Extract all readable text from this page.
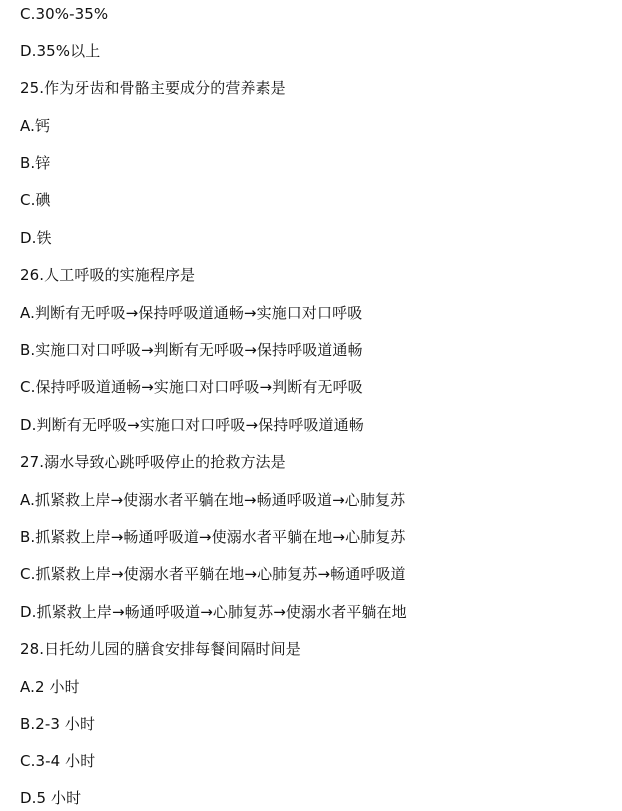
C.30%-35%
D.35%以上
25.作为牙齿和骨骼主要成分的营养素是
A.钙
B.锌
C.碘
D.铁
26.人工呼吸的实施程序是
A.判断有无呼吸→保持呼吸道通畅→实施口对口呼吸
B.实施口对口呼吸→判断有无呼吸→保持呼吸道通畅
C.保持呼吸道通畅→实施口对口呼吸→判断有无呼吸
D.判断有无呼吸→实施口对口呼吸→保持呼吸道通畅
27.溺水导致心跳呼吸停止的抢救方法是
A.抓紧救上岸→使溺水者平躺在地→畅通呼吸道→心肺复苏
B.抓紧救上岸→畅通呼吸道→使溺水者平躺在地→心肺复苏
C.抓紧救上岸→使溺水者平躺在地→心肺复苏→畅通呼吸道
D.抓紧救上岸→畅通呼吸道→心肺复苏→使溺水者平躺在地
28.日托幼儿园的膳食安排每餐间隔时间是
A.2 小时
B.2-3 小时
C.3-4 小时
D.5 小时
